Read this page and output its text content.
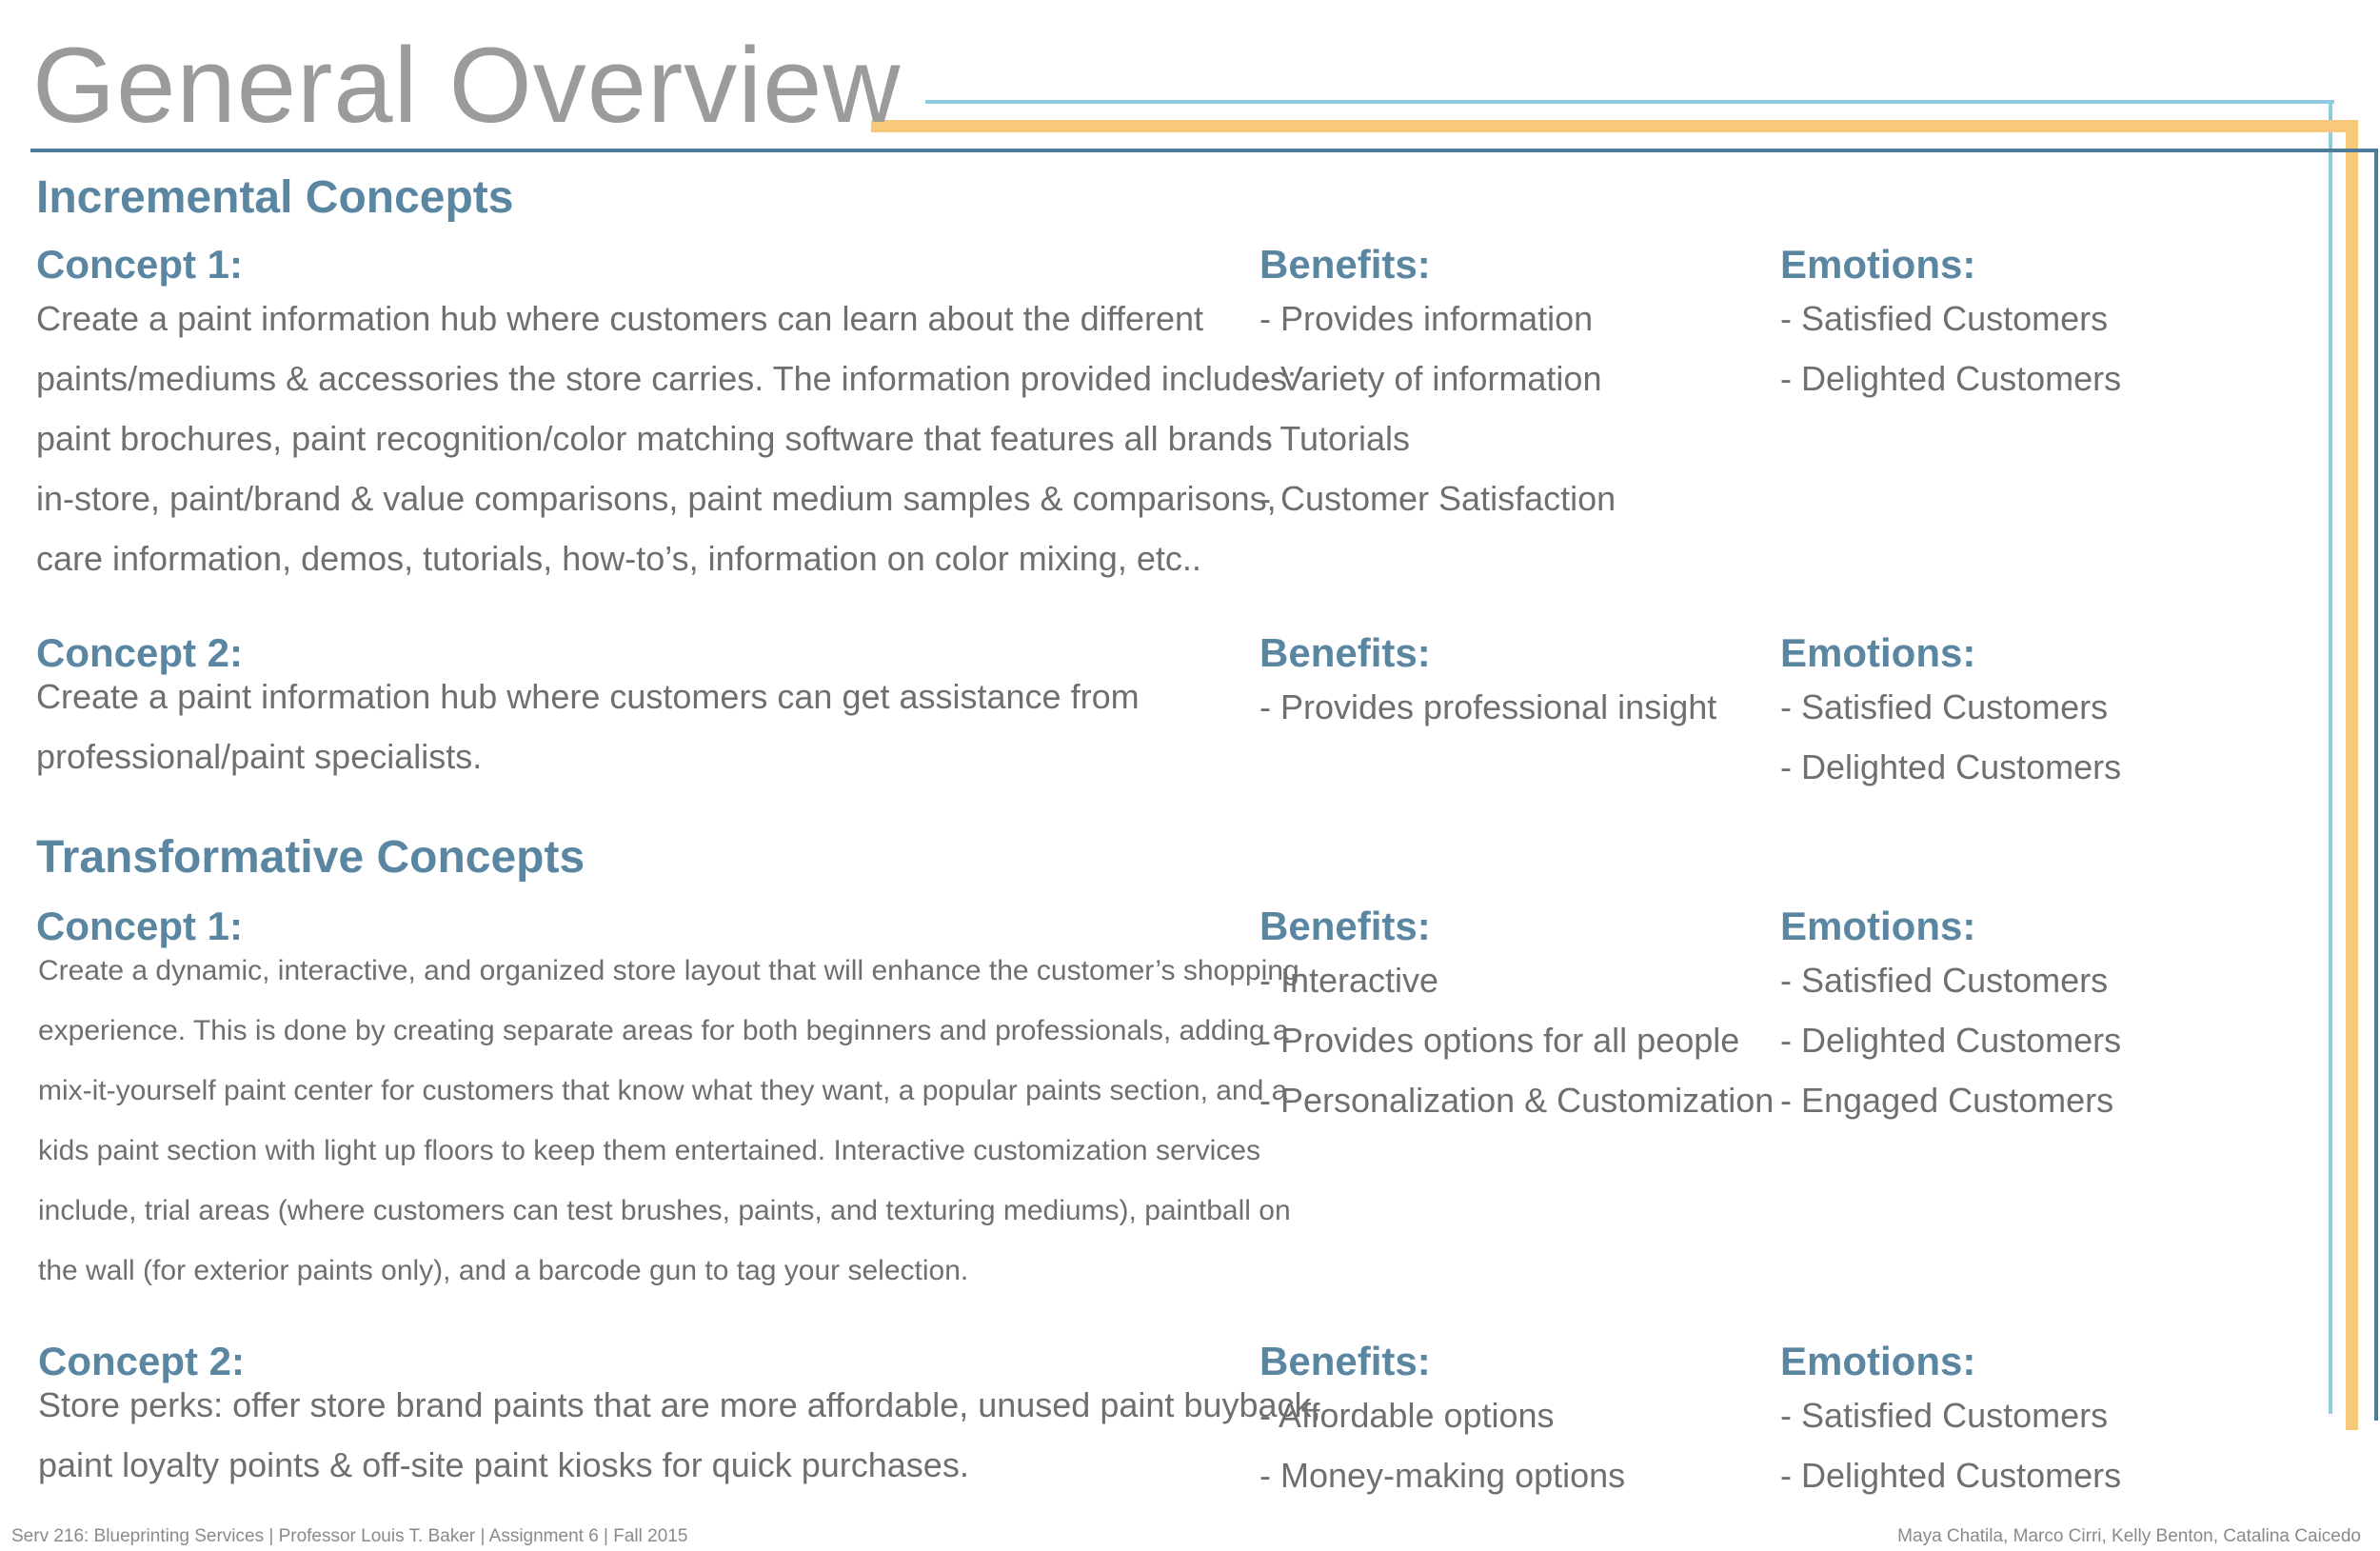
General Overview
Incremental Concepts
Concept 1:
Create a paint information hub where customers can learn about the different
paints/mediums & accessories the store carries. The information provided includes:
paint brochures, paint recognition/color matching software that features all brands
in-store, paint/brand & value comparisons, paint medium samples & comparisons,
care information, demos, tutorials, how-to’s, information on color mixing, etc..
Benefits:
- Provides information
- Variety of information
- Tutorials
- Customer Satisfaction
Emotions:
- Satisfied Customers
- Delighted Customers
Concept 2:
Create a paint information hub where customers can get assistance from
professional/paint specialists.
Benefits:
- Provides professional insight
Emotions:
- Satisfied Customers
- Delighted Customers
Transformative Concepts
Concept 1:
Create a dynamic, interactive, and organized store layout that will enhance the customer’s shopping
experience. This is done by creating separate areas for both beginners and professionals, adding a
mix-it-yourself paint center for customers that know what they want, a popular paints section, and a
kids paint section with light up floors to keep them entertained. Interactive customization services
include, trial areas (where customers can test brushes, paints, and texturing mediums), paintball on
the wall (for exterior paints only), and a barcode gun to tag your selection.
Benefits:
- Interactive
- Provides options for all people
- Personalization & Customization
Emotions:
- Satisfied Customers
- Delighted Customers
- Engaged Customers
Concept 2:
Store perks: offer store brand paints that are more affordable, unused paint buyback,
paint loyalty points & off-site paint kiosks for quick purchases.
Benefits:
- Affordable options
- Money-making options
Emotions:
- Satisfied Customers
- Delighted Customers
Serv 216: Blueprinting Services | Professor Louis T. Baker | Assignment 6 | Fall 2015	Maya Chatila, Marco Cirri, Kelly Benton, Catalina Caicedo
